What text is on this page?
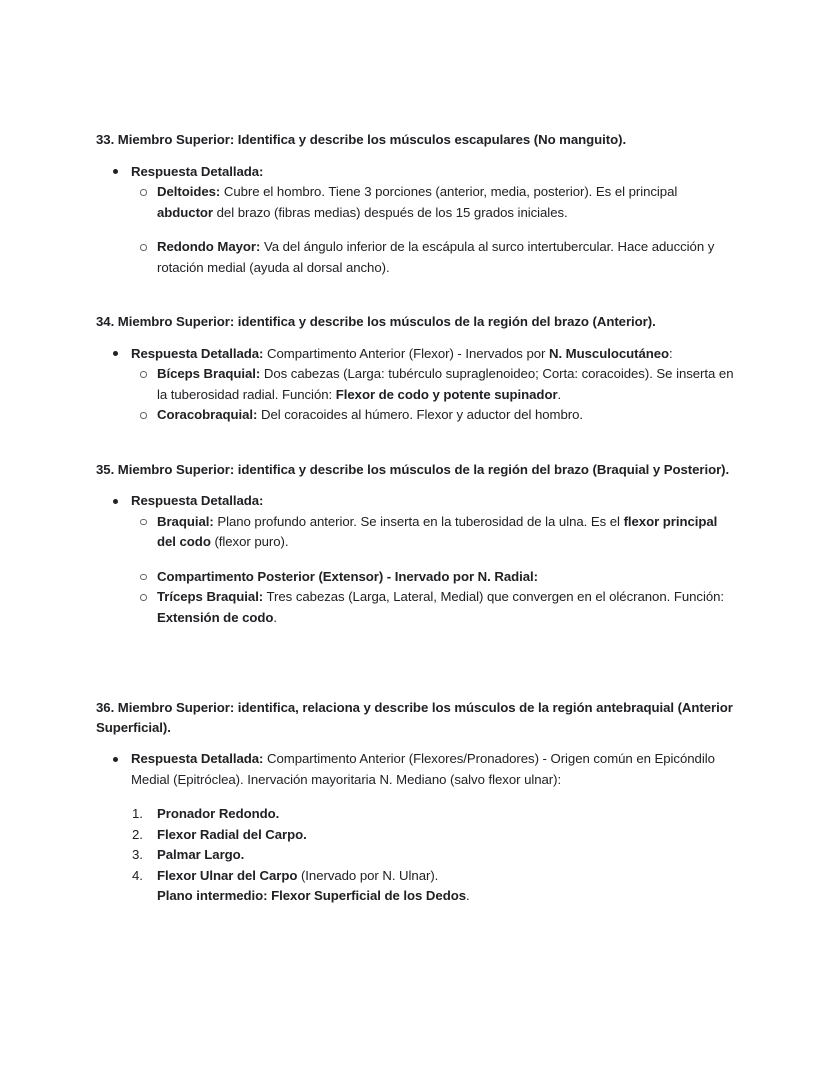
33. Miembro Superior: Identifica y describe los músculos escapulares (No manguito).

Respuesta Detallada:

Deltoides: Cubre el hombro. Tiene 3 porciones (anterior, media, posterior). Es el principal abductor del brazo (fibras medias) después de los 15 grados iniciales.

Redondo Mayor: Va del ángulo inferior de la escápula al surco intertubercular. Hace aducción y rotación medial (ayuda al dorsal ancho).

34. Miembro Superior: identifica y describe los músculos de la región del brazo (Anterior).

Respuesta Detallada: Compartimento Anterior (Flexor) - Inervados por N. Musculocutáneo:

Bíceps Braquial: Dos cabezas (Larga: tubérculo supraglenoideo; Corta: coracoides). Se inserta en la tuberosidad radial. Función: Flexor de codo y potente supinador.

Coracobraquial: Del coracoides al húmero. Flexor y aductor del hombro.

35. Miembro Superior: identifica y describe los músculos de la región del brazo (Braquial y Posterior).

Respuesta Detallada:

Braquial: Plano profundo anterior. Se inserta en la tuberosidad de la ulna. Es el flexor principal del codo (flexor puro).

Compartimento Posterior (Extensor) - Inervado por N. Radial:

Tríceps Braquial: Tres cabezas (Larga, Lateral, Medial) que convergen en el olécranon. Función: Extensión de codo.

36. Miembro Superior: identifica, relaciona y describe los músculos de la región antebraquial (Anterior Superficial).

Respuesta Detallada: Compartimento Anterior (Flexores/Pronadores) - Origen común en Epicóndilo Medial (Epitróclea). Inervación mayoritaria N. Mediano (salvo flexor ulnar):

1.	Pronador Redondo.

2.	Flexor Radial del Carpo.

3.	Palmar Largo.

4.	Flexor Ulnar del Carpo (Inervado por N. Ulnar).

Plano intermedio: Flexor Superficial de los Dedos.
